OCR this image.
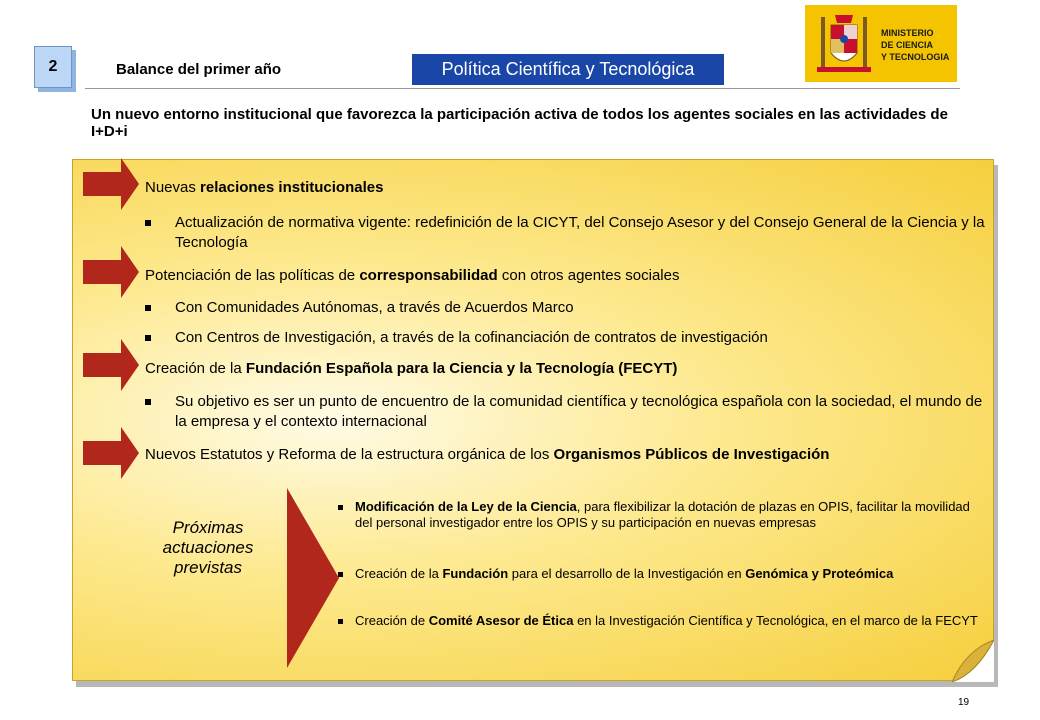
2	Balance del primer año	Política Científica y Tecnológica
MINISTERIO
DE CIENCIA
Y TECNOLOGIA
Un nuevo entorno institucional que favorezca la participación activa de todos los agentes sociales en las actividades de I+D+i
Nuevas relaciones institucionales
Actualización de normativa vigente: redefinición de la CICYT, del Consejo Asesor y del Consejo General de la Ciencia y la Tecnología
Potenciación de las políticas de corresponsabilidad con otros agentes sociales
Con Comunidades Autónomas, a través de Acuerdos Marco
Con Centros de Investigación, a través de la cofinanciación de contratos de investigación
Creación de la Fundación Española para la Ciencia y la Tecnología (FECYT)
Su objetivo es ser un punto de encuentro de la comunidad científica y tecnológica española con la sociedad, el mundo de la empresa y el contexto internacional
Nuevos Estatutos y Reforma de la estructura orgánica de los Organismos Públicos de Investigación
Próximas actuaciones previstas
Modificación de la Ley de la Ciencia, para flexibilizar la dotación de plazas en OPIS, facilitar la movilidad del personal investigador entre los OPIS y su participación en nuevas empresas
Creación de la Fundación para el desarrollo de la Investigación en Genómica y Proteómica
Creación de Comité Asesor de Ética en la Investigación Científica y Tecnológica, en el marco de la FECYT
19
